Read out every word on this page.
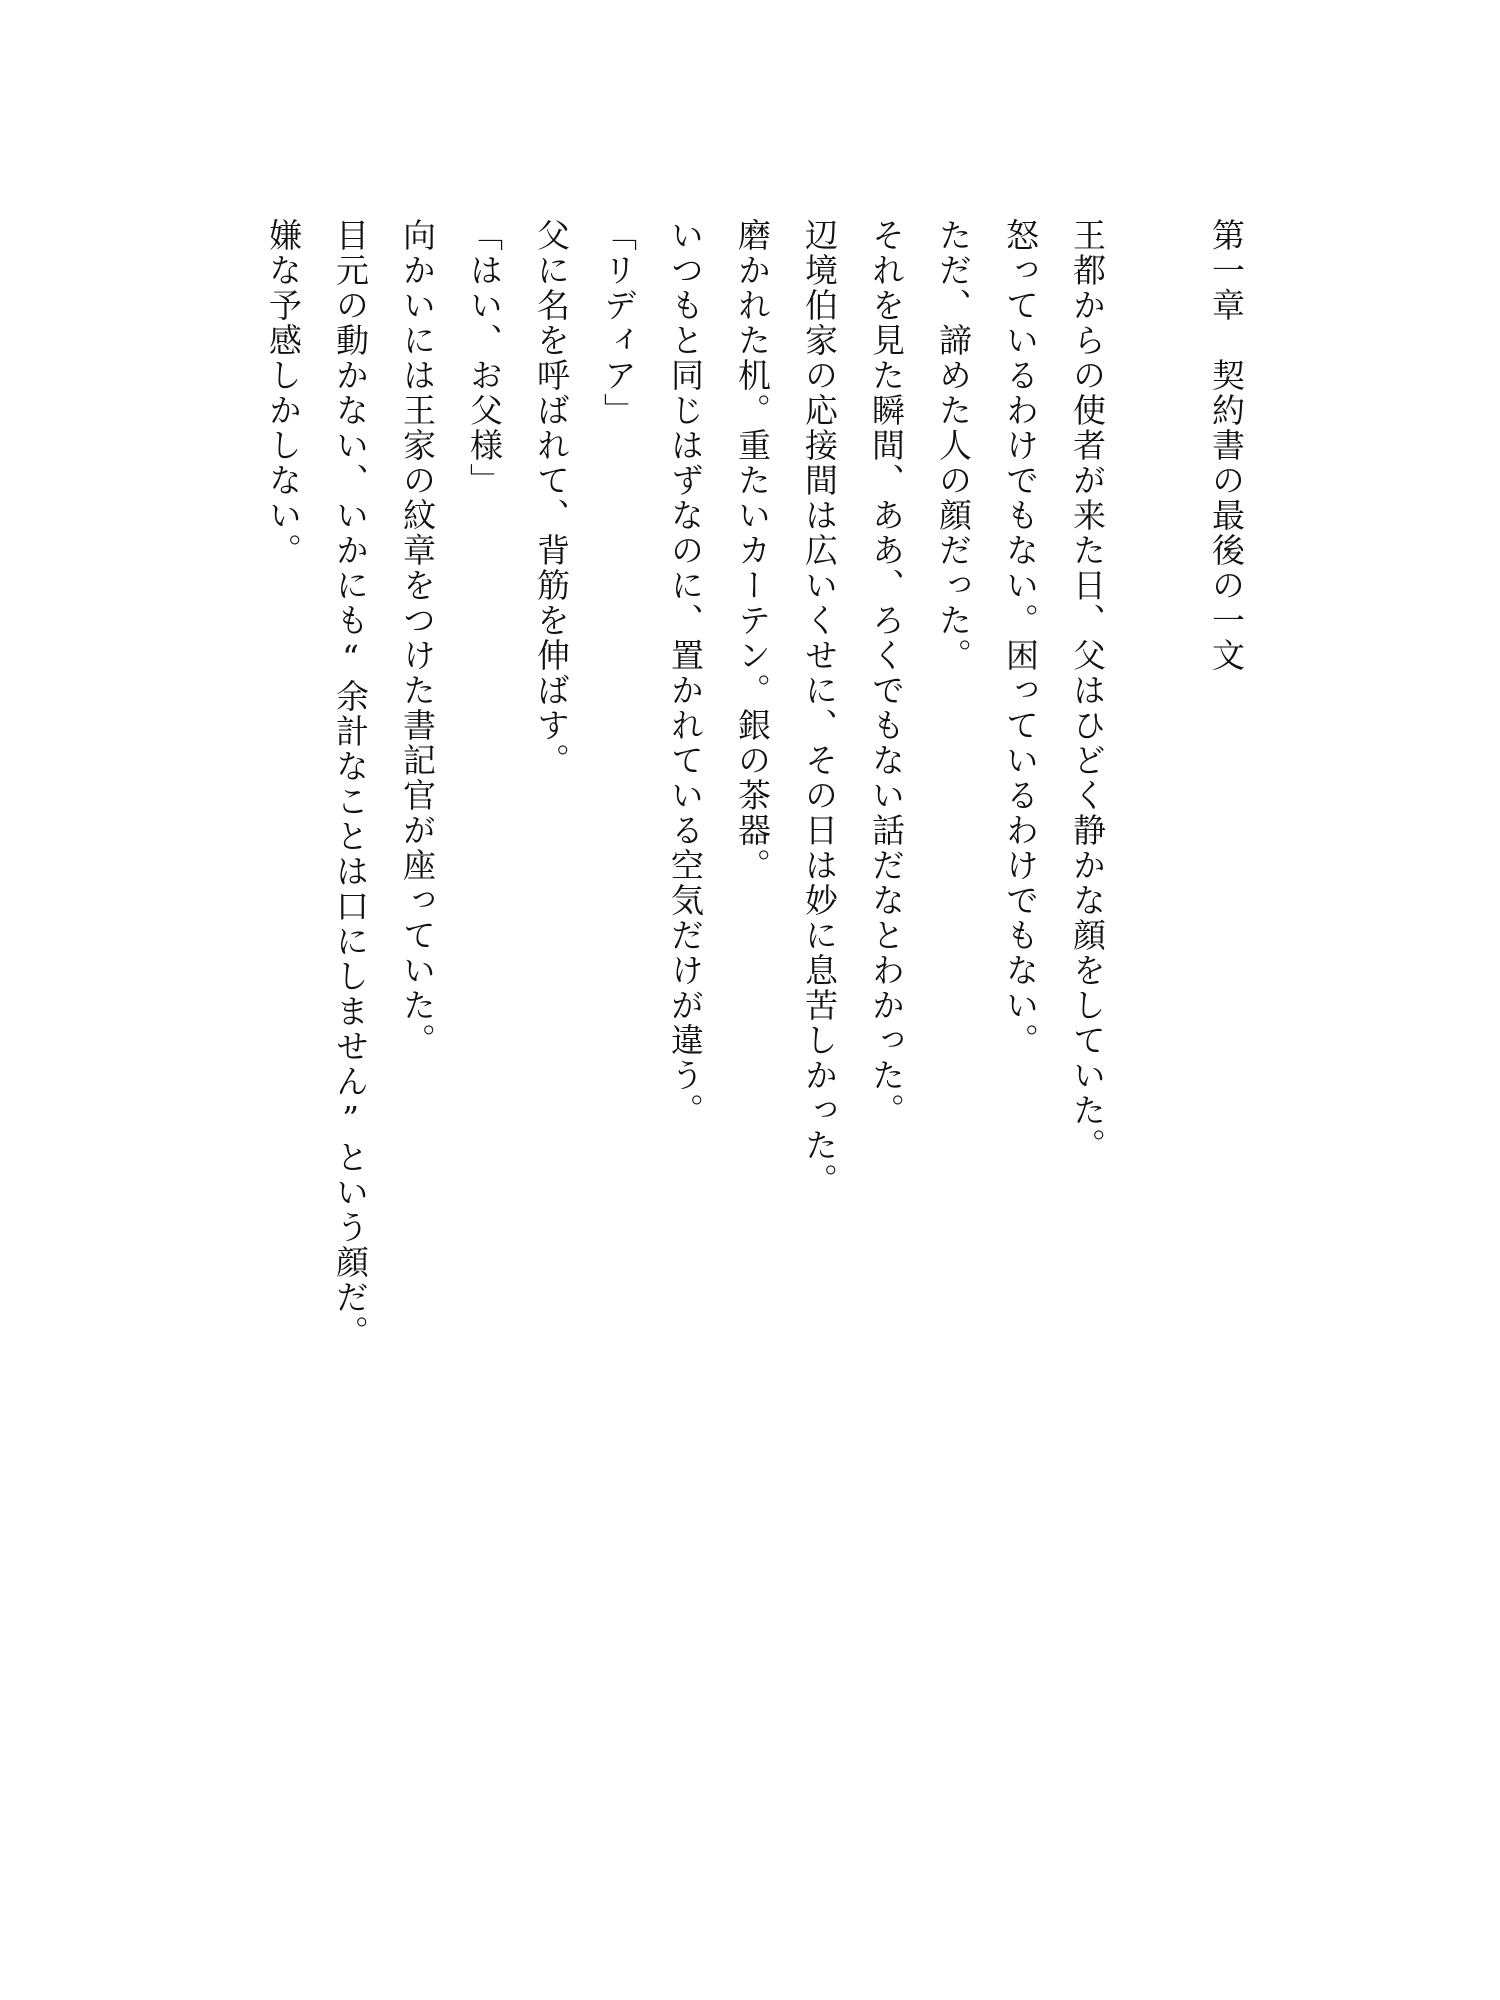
第一章　契約書の最後の一文

王都からの使者が来た日、父はひどく静かな顔をしていた。

怒っているわけでもない。困っているわけでもない。

ただ、諦めた人の顔だった。

それを見た瞬間、ああ、ろくでもない話だなとわかった。

辺境伯家の応接間は広いくせに、その日は妙に息苦しかった。

磨かれた机。重たいカーテン。銀の茶器。

いつもと同じはずなのに、置かれている空気だけが違う。

「リディア」

父に名を呼ばれて、背筋を伸ばす。

「はい、お父様」

向かいには王家の紋章をつけた書記官が座っていた。

目元の動かない、いかにも“余計なことは口にしません”という顔だ。

嫌な予感しかしない。
